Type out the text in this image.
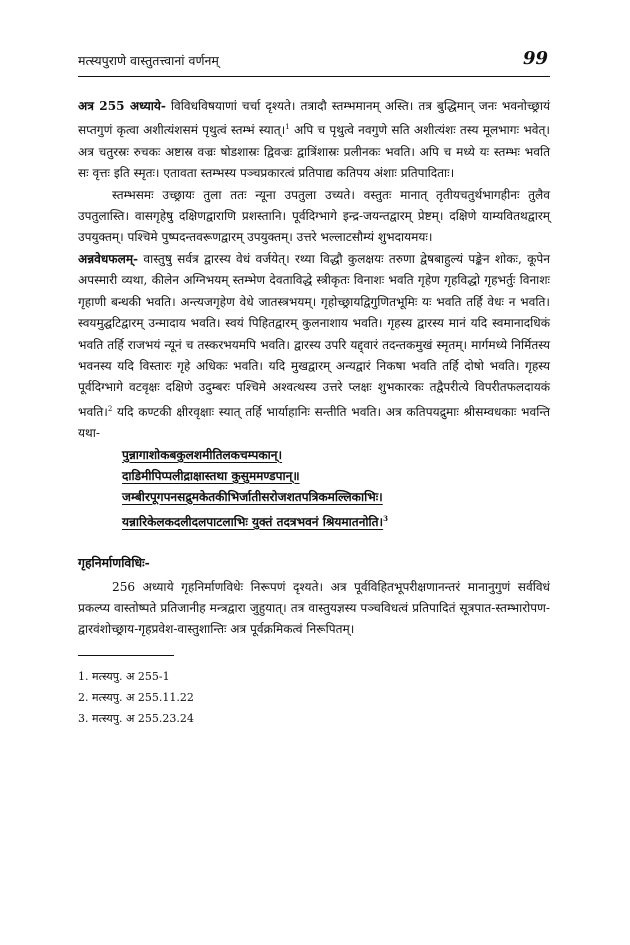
मत्स्यपुराणे वास्तुतत्त्वानां वर्णनम्	99

अत्र 255 अध्याये- विविधविषयाणां चर्चा दृश्यते। तत्रादौ स्तम्भमानम् अस्ति। तत्र बुद्धिमान् जनः भवनोच्छ्रायं सप्तगुणं कृत्वा अशीत्यंशसमं पृथुत्वं स्तम्भं स्यात्।$^1$ अपि च पृथुत्वे नवगुणे सति अशीत्यंशः तस्य मूलभागः भवेत्। अत्र चतुरस्रः रुचकः अष्टास्र वज्रः षोडशास्रः द्विवज्रः द्वात्रिंशास्रः प्रलीनकः भवति। अपि च मध्ये यः स्तम्भः भवति सः वृत्तः इति स्मृतः। एतावता स्तम्भस्य पञ्चप्रकारत्वं प्रतिपाद्य कतिपय अंशाः प्रतिपादिताः।

स्तम्भसमः उच्छ्रायः तुला ततः न्यूना उपतुला उच्यते। वस्तुतः मानात् तृतीयचतुर्थभागहीनः तुलैव उपतुलास्ति। वासगृहेषु दक्षिणद्वाराणि प्रशस्तानि। पूर्वदिग्भागे इन्द्र-जयन्तद्वारम् प्रेष्टम्। दक्षिणे याम्यवितथद्वारम् उपयुक्तम्। पश्चिमे पुष्पदन्तवरूणद्वारम् उपयुक्तम्। उत्तरे भल्लाटसौम्यं शुभदायमयः।

अन्नवेधफलम्- वास्तुषु सर्वत्र द्वारस्य वेधं वर्जयेत्। रथ्या विद्धौ कुलक्षयः तरुणा द्वेषबाहुल्यं पङ्केन शोकः, कूपेन अपस्मारी व्यथा, कीलेन अग्निभयम् स्तम्भेण देवताविद्धे स्त्रीकृतः विनाशः भवति गृहेण गृहविद्धो गृहभर्तुः विनाशः गृहाणी बन्धकी भवति। अन्त्यजगृहेण वेधे जातस्त्रभयम्। गृहोच्छ्रायद्विगुणितभूमिः यः भवति तर्हि वेधः न भवति। स्वयमुद्घटिद्वारम् उन्मादाय भवति। स्वयं पिहितद्वारम् कुलनाशाय भवति। गृहस्य द्वारस्य मानं यदि स्वमानादधिकं भवति तर्हि राजभयं न्यूनं च तस्करभयमपि भवति। द्वारस्य उपरि यद्द्वारं तदन्तकमुखं स्मृतम्। मार्गमध्ये निर्मितस्य भवनस्य यदि विस्तारः गृहे अधिकः भवति। यदि मुखद्वारम् अन्यद्वारं निकषा भवति तर्हि दोषो भवति। गृहस्य पूर्वदिग्भागे वटवृक्षः दक्षिणे उदुम्बरः पश्चिमे अश्वत्थस्य उत्तरे प्लक्षः शुभकारकः तद्वैपरीत्ये विपरीतफलदायकं भवति।$^2$ यदि कण्टकी क्षीरवृक्षाः स्यात् तर्हि भार्याहानिः सन्तीति भवति। अत्र कतिपयद्रुमाः श्रीसम्वधकाः भवन्ति यथा-

पुन्नागाशोकबकुलशमीतिलकचम्पकान्।
दाडिमीपिप्पलीद्राक्षास्तथा कुसुममण्डपान्॥
जम्बीरपूगपनसद्रुमकेतकीभिर्जातीसरोजशतपत्रिकमल्लिकाभिः।
यन्नारिकेलकदलीदलपाटलाभिः युक्तं तदत्रभवनं श्रियमातनोति।$^3$
गृहनिर्माणविधिः-

256 अध्याये गृहनिर्माणविधेः निरूपणं दृश्यते। अत्र पूर्वविहितभूपरीक्षणानन्तरं मानानुगुणं सर्वविधं प्रकल्प्य वास्तोष्पते प्रतिजानीह मन्त्रद्वारा जुहुयात्। तत्र वास्तुयज्ञस्य पञ्चविधत्वं प्रतिपादितं सूत्रपात-स्तम्भारोपण-द्वारवंशोच्छ्राय-गृहप्रवेश-वास्तुशान्तिः अत्र पूर्वक्रमिकत्वं निरूपितम्।

1. मत्स्यपु. अ 255-1
2. मत्स्यपु. अ 255.11.22
3. मत्स्यपु. अ 255.23.24
